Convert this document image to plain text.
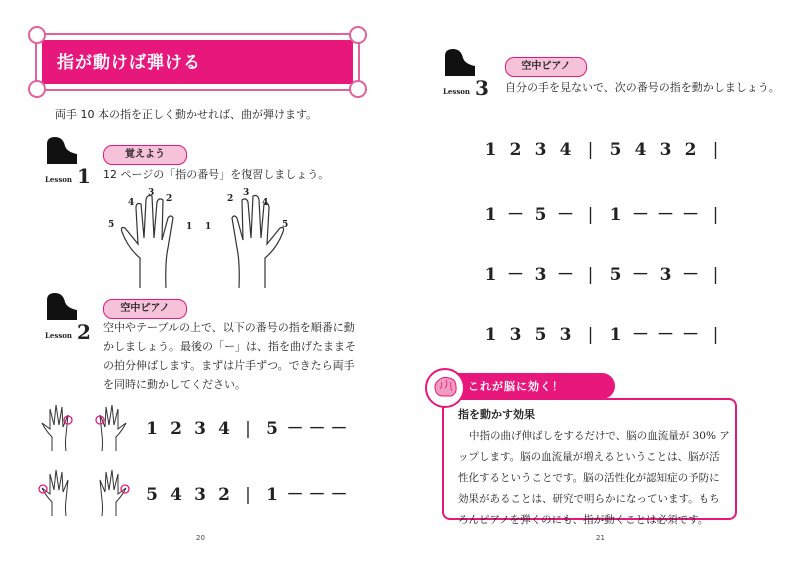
指が動けば弾ける
両手 10 本の指を正しく動かせれば、曲が弾けます。
Lesson 1
覚えよう
12 ページの「指の番号」を復習しましょう。
5
4
3
2
1 1
2
3
4
5
Lesson 2
空中ピアノ
空中やテーブルの上で、以下の番号の指を順番に動
かしましょう。最後の「ー」は、指を曲げたままそ
の拍分伸ばします。まずは片手ずつ。できたら両手
を同時に動かしてください。
1 2 3 4 | 5 － － －
5 4 3 2 | 1 － － －
20
Lesson 3
空中ピアノ
自分の手を見ないで、次の番号の指を動かしましょう。
1 2 3 4 | 5 4 3 2 |
1 － 5 － | 1 － － － |
1 － 3 － | 5 － 3 － |
1 3 5 3 | 1 － － － |
これが脳に効く！
指を動かす効果
中指の曲げ伸ばしをするだけで、脳の血流量が 30% アップします。脳の血流量が増えるということは、脳が活性化するということです。脳の活性化が認知症の予防に効果があることは、研究で明らかになっています。もちろんピアノを弾くのにも、指が動くことは必須です。
21
